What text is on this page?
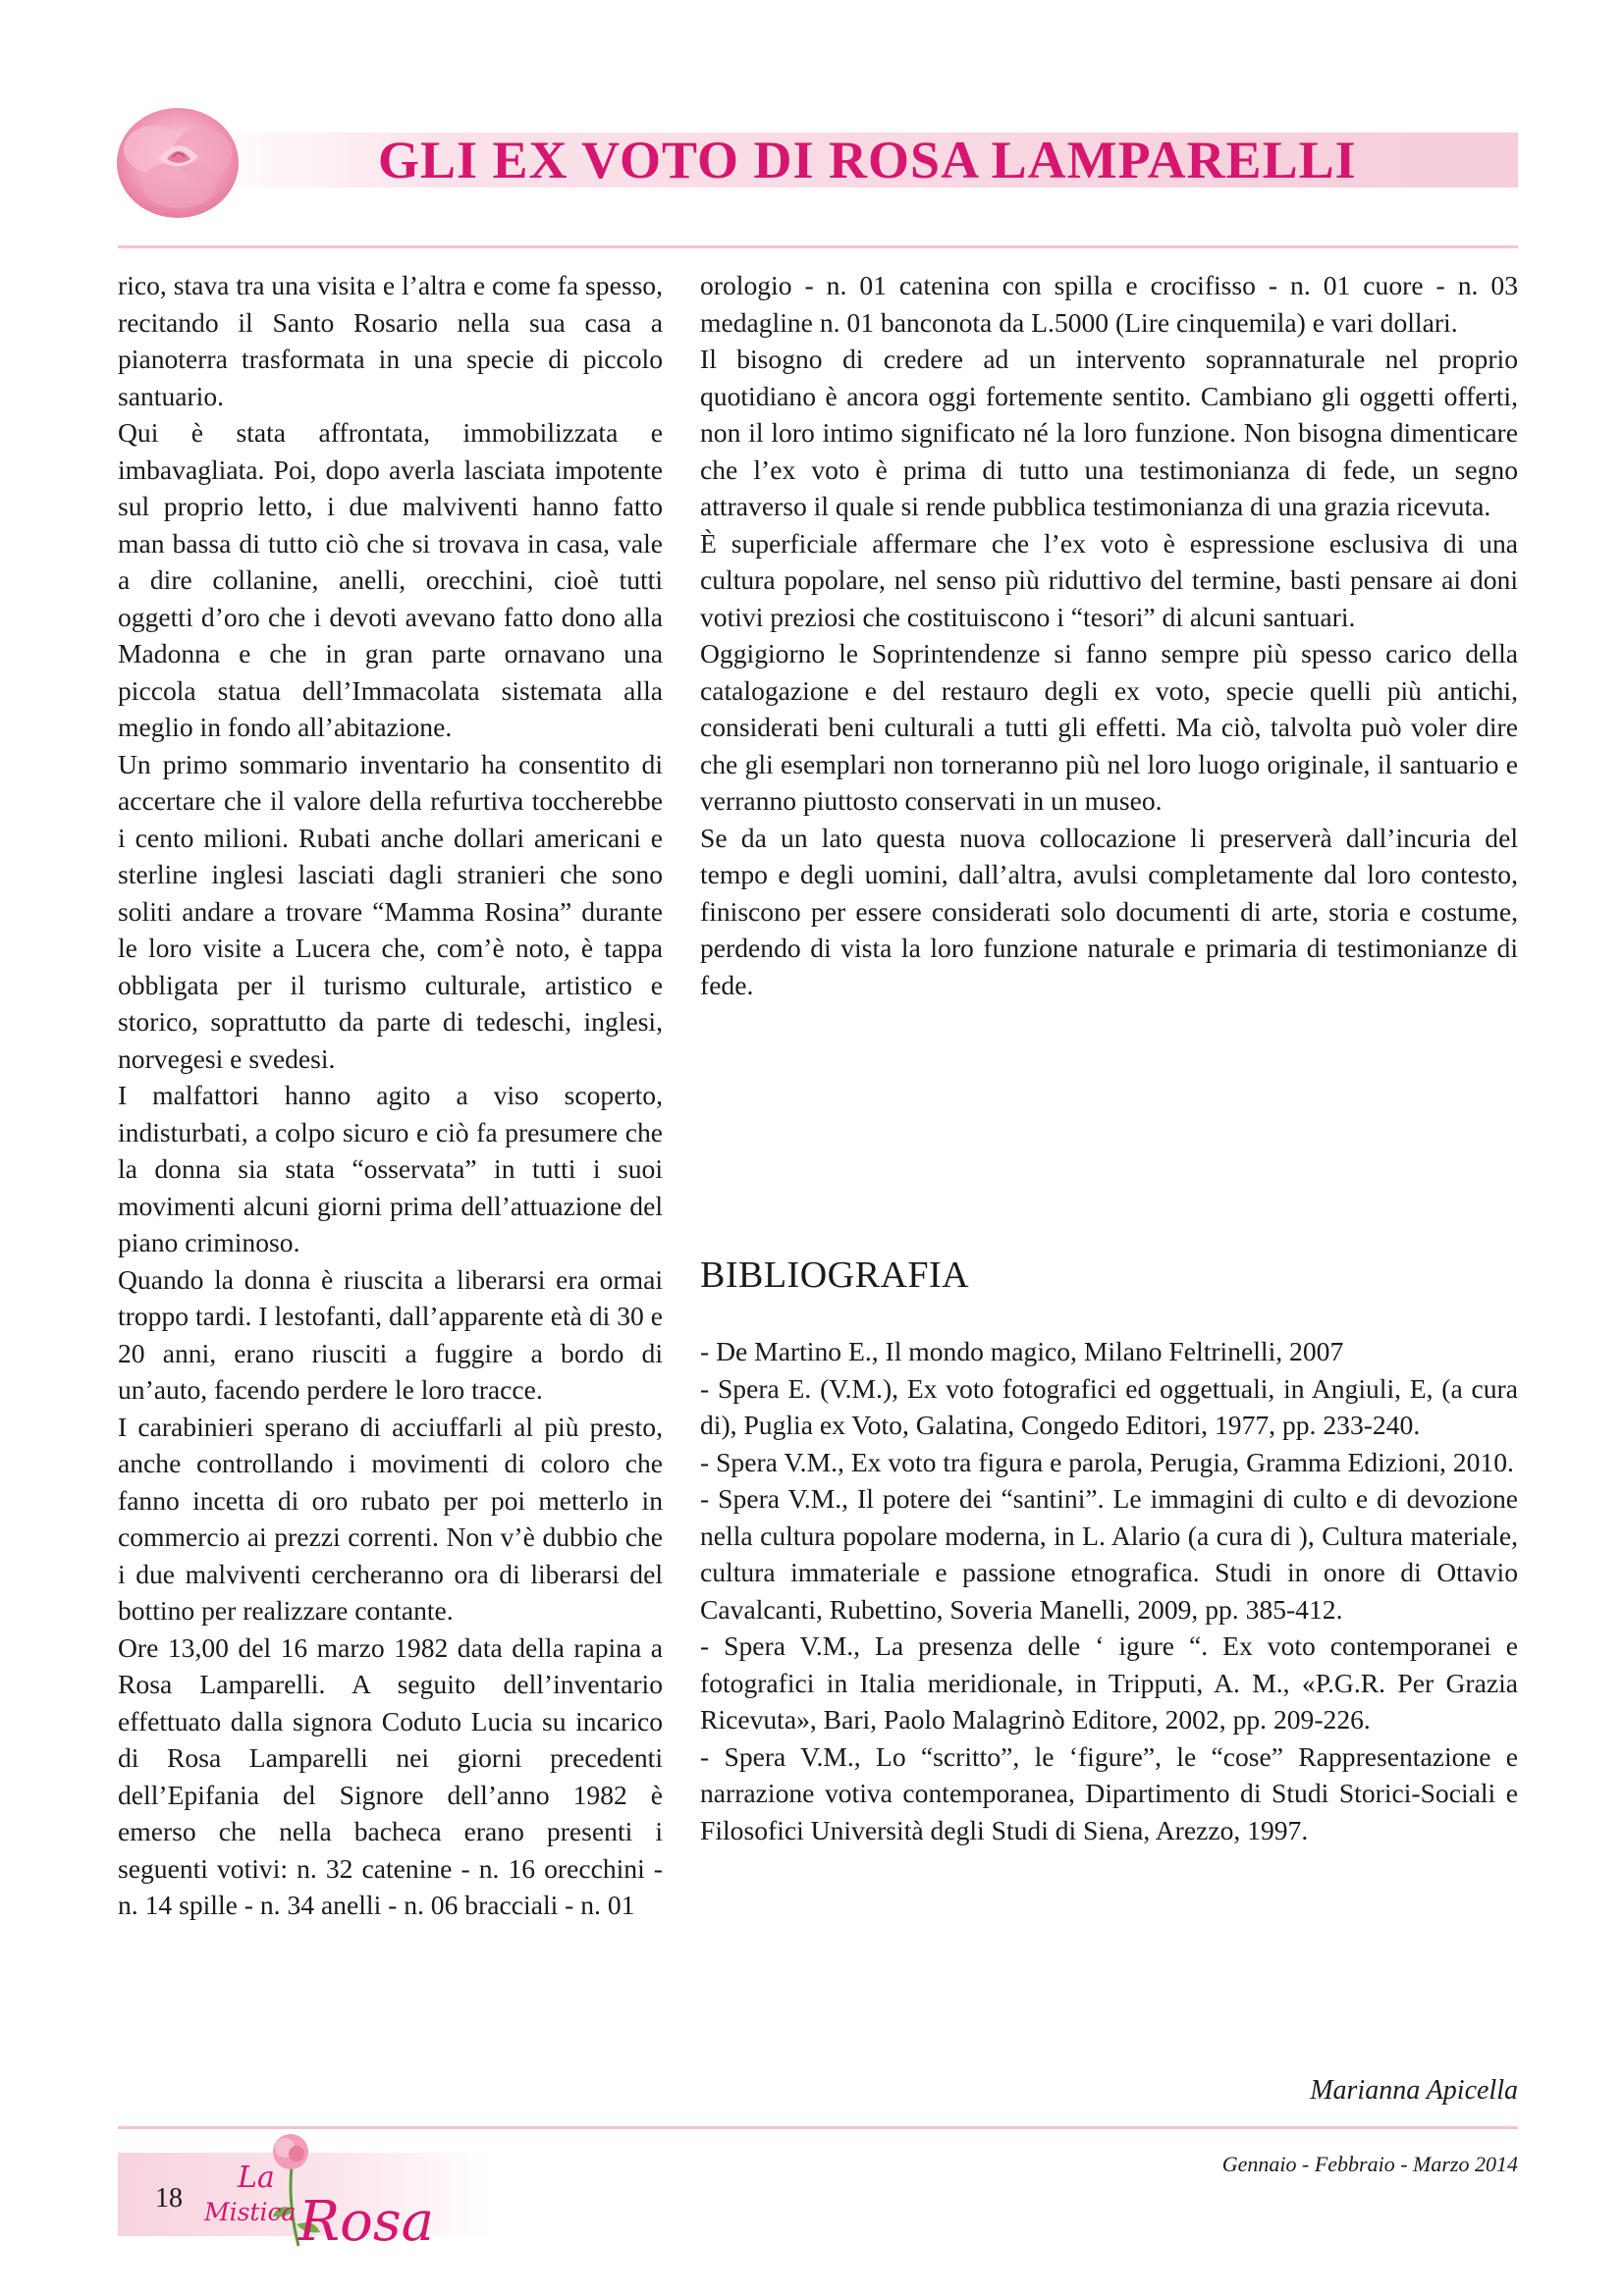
GLI EX VOTO DI ROSA LAMPARELLI

rico, stava tra una visita e l’altra e come fa spesso, recitando il Santo Rosario nella sua casa a pianoterra trasformata in una specie di piccolo santuario.

Qui è stata affrontata, immobilizzata e imbavagliata. Poi, dopo averla lasciata impotente sul proprio letto, i due malviventi hanno fatto man bassa di tutto ciò che si trovava in casa, vale a dire collanine, anelli, orecchini, cioè tutti oggetti d’oro che i devoti avevano fatto dono alla Madonna e che in gran parte ornavano una piccola statua dell’Immacolata sistemata alla meglio in fondo all’abitazione.

Un primo sommario inventario ha consentito di accertare che il valore della refurtiva toccherebbe i cento milioni. Rubati anche dollari americani e sterline inglesi lasciati dagli stranieri che sono soliti andare a trovare “Mamma Rosina” durante le loro visite a Lucera che, com’è noto, è tappa obbligata per il turismo culturale, artistico e storico, soprattutto da parte di tedeschi, inglesi, norvegesi e svedesi.

I malfattori hanno agito a viso scoperto, indisturbati, a colpo sicuro e ciò fa presumere che la donna sia stata “osservata” in tutti i suoi movimenti alcuni giorni prima dell’attuazione del piano criminoso.

Quando la donna è riuscita a liberarsi era ormai troppo tardi. I lestofanti, dall’apparente età di 30 e 20 anni, erano riusciti a fuggire a bordo di un’auto, facendo perdere le loro tracce.

I carabinieri sperano di acciuffarli al più presto, anche controllando i movimenti di coloro che fanno incetta di oro rubato per poi metterlo in commercio ai prezzi correnti. Non v’è dubbio che i due malviventi cercheranno ora di liberarsi del bottino per realizzare contante.

Ore 13,00 del 16 marzo 1982 data della rapina a Rosa Lamparelli. A seguito dell’inventario effettuato dalla signora Coduto Lucia su incarico di Rosa Lamparelli nei giorni precedenti dell’Epifania del Signore dell’anno 1982 è emerso che nella bacheca erano presenti i seguenti votivi: n. 32 catenine - n. 16 orecchini - n. 14 spille - n. 34 anelli - n. 06 bracciali - n. 01

orologio - n. 01 catenina con spilla e crocifisso - n. 01 cuore - n. 03 medagline n. 01 banconota da L.5000 (Lire cinquemila) e vari dollari.

Il bisogno di credere ad un intervento soprannaturale nel proprio quotidiano è ancora oggi fortemente sentito. Cambiano gli oggetti offerti, non il loro intimo significato né la loro funzione. Non bisogna dimenticare che l’ex voto è prima di tutto una testimonianza di fede, un segno attraverso il quale si rende pubblica testimonianza di una grazia ricevuta.

È superficiale affermare che l’ex voto è espressione esclusiva di una cultura popolare, nel senso più riduttivo del termine, basti pensare ai doni votivi preziosi che costituiscono i “tesori” di alcuni santuari.

Oggigiorno le Soprintendenze si fanno sempre più spesso carico della catalogazione e del restauro degli ex voto, specie quelli più antichi, considerati beni culturali a tutti gli effetti. Ma ciò, talvolta può voler dire che gli esemplari non torneranno più nel loro luogo originale, il santuario e verranno piuttosto conservati in un museo.

Se da un lato questa nuova collocazione li preserverà dall’incuria del tempo e degli uomini, dall’altra, avulsi completamente dal loro contesto, finiscono per essere considerati solo documenti di arte, storia e costume, perdendo di vista la loro funzione naturale e primaria di testimonianze di fede.

BIBLIOGRAFIA

- De Martino E., Il mondo magico, Milano Feltrinelli, 2007

- Spera E. (V.M.), Ex voto fotografici ed oggettuali, in Angiuli, E, (a cura di), Puglia ex Voto, Galatina, Congedo Editori, 1977, pp. 233-240.

- Spera V.M., Ex voto tra figura e parola, Perugia, Gramma Edizioni, 2010.

- Spera V.M., Il potere dei “santini”. Le immagini di culto e di devozione nella cultura popolare moderna, in L. Alario (a cura di ), Cultura materiale, cultura immateriale e passione etnografica. Studi in onore di Ottavio Cavalcanti, Rubettino, Soveria Manelli, 2009, pp. 385-412.

- Spera V.M., La presenza delle ‘ igure “. Ex voto contemporanei e fotografici in Italia meridionale, in Tripputi, A. M., «P.G.R. Per Grazia Ricevuta», Bari, Paolo Malagrinò Editore, 2002, pp. 209-226.

- Spera V.M., Lo “scritto”, le ‘figure”, le “cose” Rappresentazione e narrazione votiva contemporanea, Dipartimento di Studi Storici-Sociali e Filosofici Università degli Studi di Siena, Arezzo, 1997.

Marianna Apicella
18
La
Mistica Rosa
Gennaio - Febbraio - Marzo 2014
